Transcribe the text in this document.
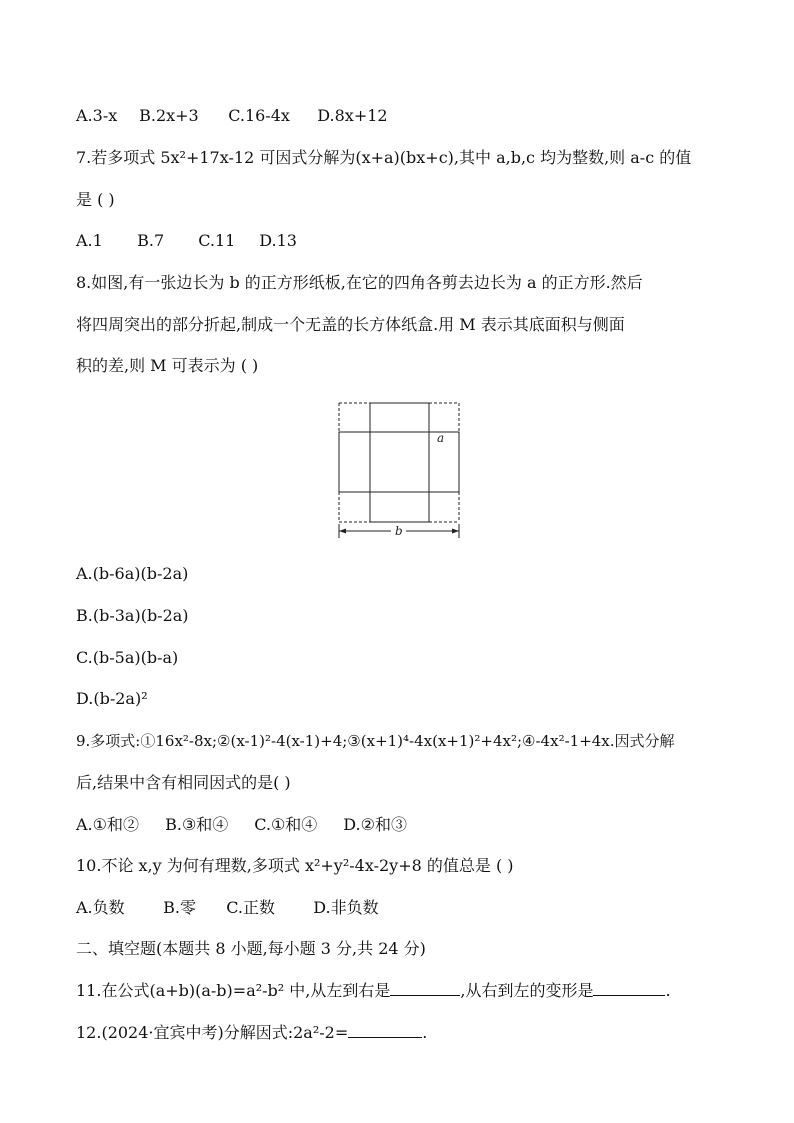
A.3-x B.2x+3 C.16-4x D.8x+12
7.若多项式 5x²+17x-12 可因式分解为(x+a)(bx+c),其中 a,b,c 均为整数,则 a-c 的值
是 ( )
A.1 B.7 C.11 D.13
8.如图,有一张边长为 b 的正方形纸板,在它的四角各剪去边长为 a 的正方形.然后
将四周突出的部分折起,制成一个无盖的长方体纸盒.用 M 表示其底面积与侧面
积的差,则 M 可表示为 ( )
a
b
A.(b-6a)(b-2a)
B.(b-3a)(b-2a)
C.(b-5a)(b-a)
D.(b-2a)²
9.多项式:①16x²-8x;②(x-1)²-4(x-1)+4;③(x+1)⁴-4x(x+1)²+4x²;④-4x²-1+4x.因式分解
后,结果中含有相同因式的是( )
A.①和② B.③和④ C.①和④ D.②和③
10.不论 x,y 为何有理数,多项式 x²+y²-4x-2y+8 的值总是 ( )
A.负数 B.零 C.正数 D.非负数
二、填空题(本题共 8 小题,每小题 3 分,共 24 分)
11.在公式(a+b)(a-b)=a²-b² 中,从左到右是	,从右到左的变形是	.
12.(2024·宜宾中考)分解因式:2a²-2=	.
